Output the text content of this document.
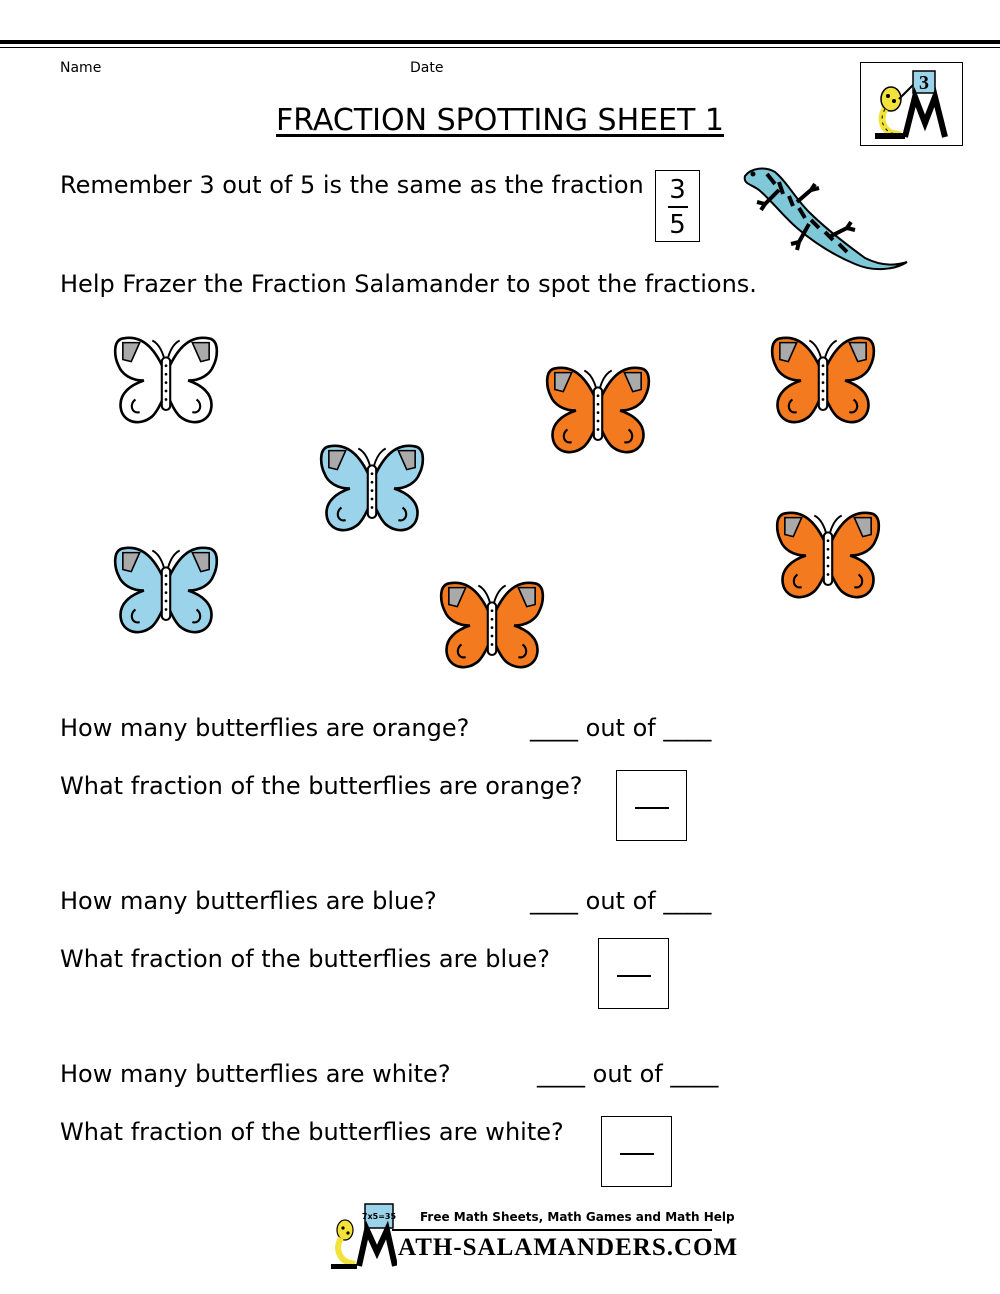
Name	Date
3
FRACTION SPOTTING SHEET 1
Remember 3 out of 5 is the same as the fraction 3
5
Help Frazer the Fraction Salamander to spot the fractions.
How many butterflies are orange?	____ out of ____
What fraction of the butterflies are orange?
How many butterflies are blue?	____ out of ____
What fraction of the butterflies are blue?
How many butterflies are white?	____ out of ____
What fraction of the butterflies are white?
7x5=35 Free Math Sheets, Math Games and Math Help
ATH-SALAMANDERS.COM
